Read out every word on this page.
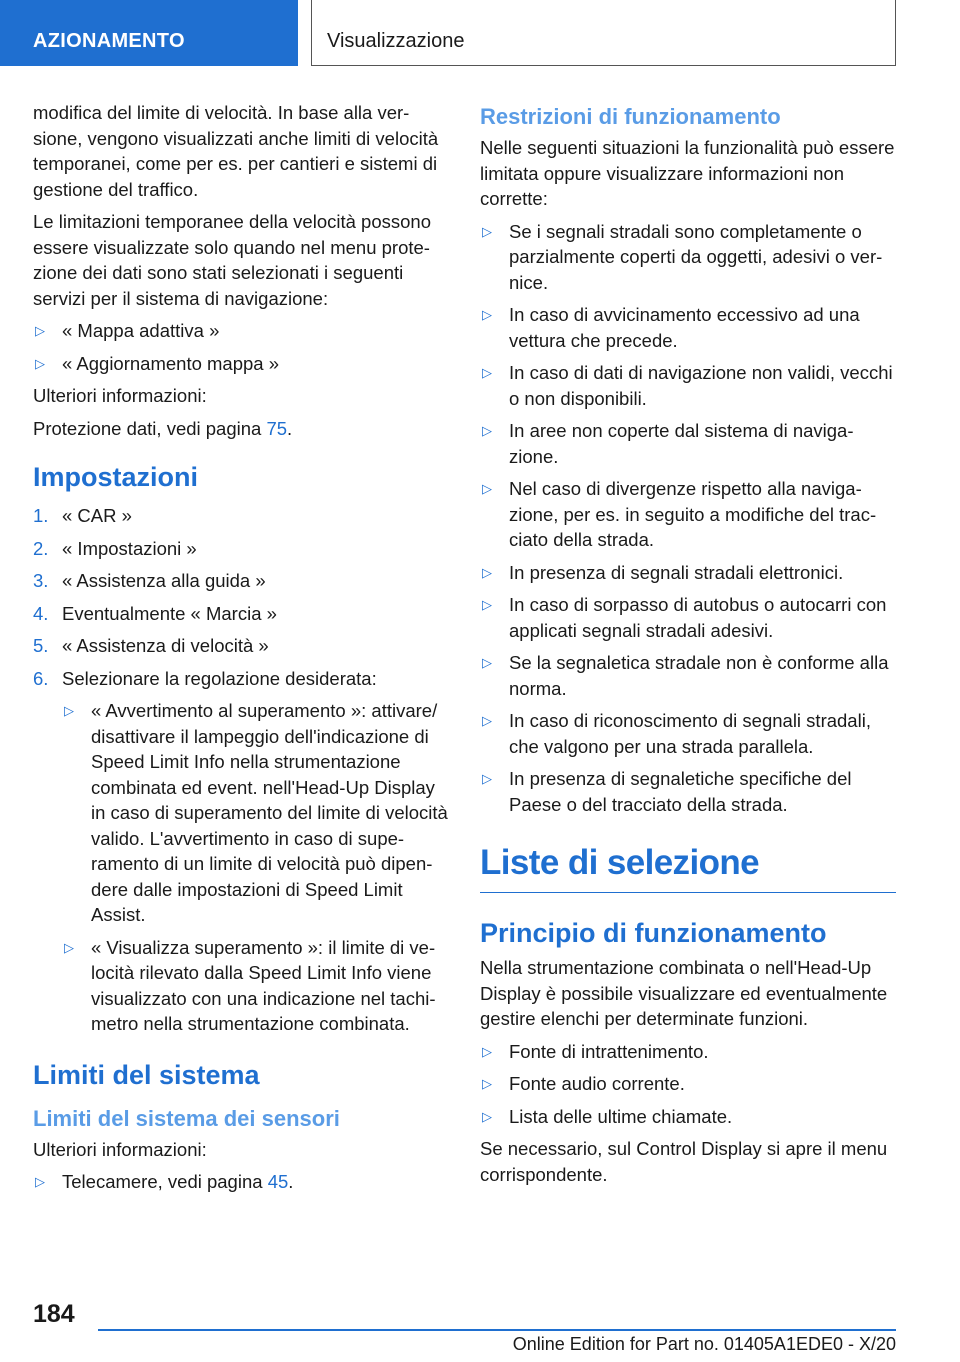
AZIONAMENTO	Visualizzazione

modifica del limite di velocità. In base alla versione, vengono visualizzati anche limiti di velocità temporanei, come per es. per cantieri e sistemi di gestione del traffico.

Le limitazioni temporanee della velocità possono essere visualizzate solo quando nel menu protezione dei dati sono stati selezionati i seguenti servizi per il sistema di navigazione:

▷ « Mappa adattiva »
▷ « Aggiornamento mappa »

Ulteriori informazioni:

Protezione dati, vedi pagina 75.

Impostazioni
1. « CAR »
2. « Impostazioni »
3. « Assistenza alla guida »
4. Eventualmente « Marcia »
5. « Assistenza di velocità »
6. Selezionare la regolazione desiderata:
▷ « Avvertimento al superamento »: attivare/ disattivare il lampeggio dell'indicazione di Speed Limit Info nella strumentazione combinata ed event. nell'Head-Up Display in caso di superamento del limite di velocità valido. L'avvertimento in caso di superamento di un limite di velocità può dipendere dalle impostazioni di Speed Limit Assist.
▷ « Visualizza superamento »: il limite di velocità rilevato dalla Speed Limit Info viene visualizzato con una indicazione nel tachimetro nella strumentazione combinata.
Limiti del sistema
Limiti del sistema dei sensori

Ulteriori informazioni:

▷ Telecamere, vedi pagina 45.
Restrizioni di funzionamento

Nelle seguenti situazioni la funzionalità può essere limitata oppure visualizzare informazioni non corrette:

▷ Se i segnali stradali sono completamente o parzialmente coperti da oggetti, adesivi o vernice.
▷ In caso di avvicinamento eccessivo ad una vettura che precede.
▷ In caso di dati di navigazione non validi, vecchi o non disponibili.
▷ In aree non coperte dal sistema di navigazione.
▷ Nel caso di divergenze rispetto alla navigazione, per es. in seguito a modifiche del tracciato della strada.
▷ In presenza di segnali stradali elettronici.
▷ In caso di sorpasso di autobus o autocarri con applicati segnali stradali adesivi.
▷ Se la segnaletica stradale non è conforme alla norma.
▷ In caso di riconoscimento di segnali stradali, che valgono per una strada parallela.
▷ In presenza di segnaletiche specifiche del Paese o del tracciato della strada.
Liste di selezione
Principio di funzionamento

Nella strumentazione combinata o nell'Head-Up Display è possibile visualizzare ed eventualmente gestire elenchi per determinate funzioni.

▷ Fonte di intrattenimento.
▷ Fonte audio corrente.
▷ Lista delle ultime chiamate.

Se necessario, sul Control Display si apre il menu corrispondente.

184
Online Edition for Part no. 01405A1EDE0 - X/20
